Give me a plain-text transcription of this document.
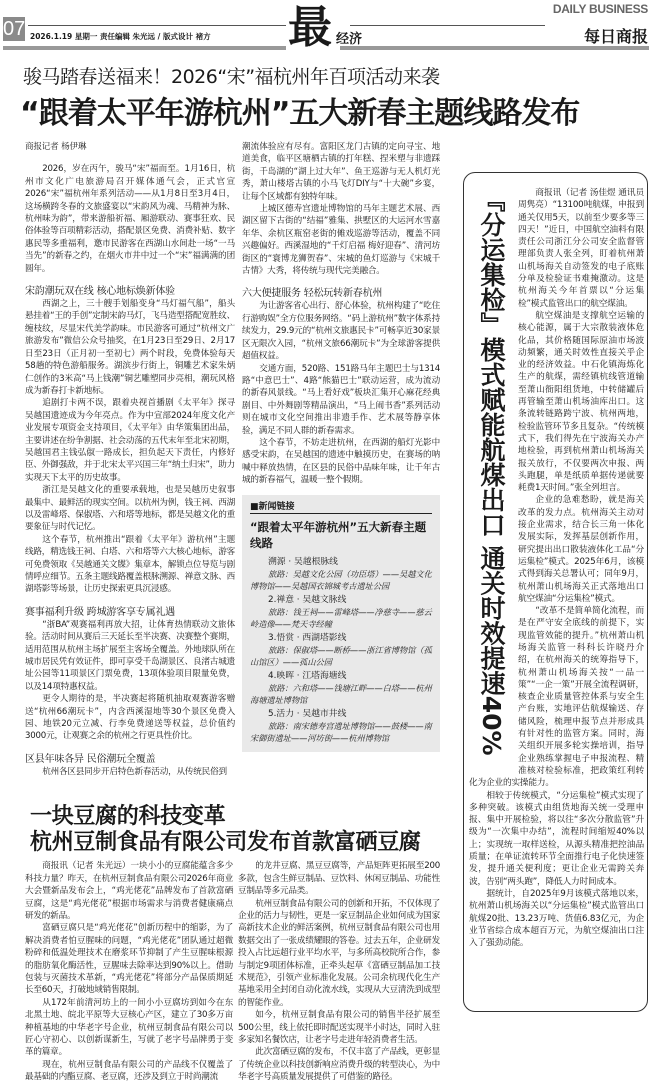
07 2026.1.19 星期一 责任编辑 朱光远 / 版式设计 褚方 最 经济
DAILY BUSINESS
每日商报
骏马踏春送福来！2026“宋”福杭州年百项活动来袭
“跟着太平年游杭州”五大新春主题线路发布

商报记者 杨伊琳

2026，岁在丙午，骏马“宋”福而至。1月16日，杭州市文化广电旅游局召开媒体通气会，正式官宣2026“宋”福杭州年系列活动——从1月8日至3月4日，这场横跨冬春的文旅盛宴以“宋韵风为魂、马精神为脉、杭州味为韵”，带来游船祈福、厢游联动、赛事狂欢、民俗体验等百项精彩活动，搭配景区免费、消费补贴、数字惠民等多重福利，邀市民游客在西湖山水间赴一场“一马当先”的新春之约，在烟火市井中过一个“宋”福满满的团圆年。

宋韵潮玩双在线 核心地标焕新体验

西湖之上，三十艘手划船变身“马灯福气船”，船头悬挂着“王的手创”定制宋韵马灯，飞马造型搭配宽胜纹、缠枝纹，尽显宋代美学韵味。市民游客可通过“杭州文广旅游发布”微信公众号抽奖，在1月23日至29日、2月17日至23日（正月初一至初七）两个时段，免费体验每天58趟的特色游船服务。湖滨步行街上，铜雕艺术家朱炳仁创作的3米高“马上钱潮”铜艺雕塑同步亮相，潮玩风格成为新春打卡新地标。

追剧打卡两不误，跟着央视首播剧《太平年》探寻吴越国遗迹成为今年亮点。作为中宣部2024年度文化产业发展专项资金支持项目，《太平年》由华策集团出品，主要讲述在纷争割据、社会动荡的五代末年至北宋初期，吴越国君主钱弘俶一路成长，担负起天下责任，内修好臣、外御强敌，并于北宋太平兴国三年“纳土归宋”，助力实现天下太平的历史故事。

浙江是吴越文化的重要承载地，也是吴越历史叙事最集中、最鲜活的现实空间。以杭州为例，钱王祠、西湖以及雷峰塔、保俶塔、六和塔等地标，都是吴越文化的重要象征与时代记忆。

这个春节，杭州推出“跟着《太平年》游杭州”主题线路，精选钱王祠、白塔、六和塔等六大核心地标，游客可免费领取《吴越通关文牒》集章本，解锁点位导览与剧情呼应细节。五条主题线路覆盖根脉溯源、禅意文脉、西湖塔影等场景，让历史探索更具沉浸感。

赛事福利升级 跨城游客享专属礼遇

“浙BA”观赛福利再放大招，让体育热情联动文旅体验。活动时间从赛后三天延长至半决赛、决赛整个赛期，适用范围从杭州主场扩展至主客场全覆盖。外地球队所在城市居民凭有效证件，即可享受千岛湖景区、良渚古城遗址公园等11项景区门票免费，13项体验项目限量免费，以及14项特惠权益。

更令人期待的是，半决赛起将随机抽取观赛游客赠送“杭州66潮玩卡”，内含西溪湿地等30个景区免费入园、地铁20元立减、行李免费递送等权益，总价值约3000元，让观赛之余的杭州之行更具性价比。

区县年味各异 民俗潮玩全覆盖

杭州各区县同步开启特色新春活动，从传统民俗到

潮流体验应有尽有。富阳区龙门古镇的定向寻宝、地道美食，临平区塘栖古镇的打年糕、捏米塑与非遗踩街，千岛湖的“湖上过大年”、鱼王巡游与无人机灯光秀，萧山楼塔古镇的小马飞灯DIY与“十大碗”乡宴，让每个区域都有独特年味。

上城区德寿宫遗址博物馆的马年主题艺术展、西湖区留下古街的“结福”雅集、拱墅区的大运河水雪嘉年华、余杭区瓶窑老街的傩戏巡游等活动，覆盖不同兴趣偏好。西溪湿地的“千灯启福 梅好迎春”、清河坊街区的“寰博龙狮贺春”、宋城的鱼灯巡游与《宋城千古情》大秀，将传统与现代完美融合。

六大便捷服务 轻松玩转新春杭州

为让游客省心出行、舒心体验，杭州构建了“吃住行游购娱”全方位服务网络。“码上游杭州”数字体系持续发力，29.9元的“杭州文旅惠民卡”可畅享近30家景区无限次入园，“杭州文旅66潮玩卡”为全球游客提供超值权益。

交通方面，520路、151路马年主题巴士与1314路“中意巴士”、4路“熊猫巴士”联动运营，成为流动的新春风景线。“马上看好戏”板块汇集开心麻花经典剧目、中外舞剧等精品演出，“马上闹书香”系列活动则在城市文化空间推出非遗手作、艺术展等静享体验，满足不同人群的新春需求。

这个春节，不妨走进杭州，在西湖的船灯光影中感受宋韵，在吴越国的遗迹中触摸历史，在赛场的呐喊中释放热情，在区县的民俗中品味年味，让千年古城的新春福气，温暖一整个假期。

■新闻链接
“跟着太平年游杭州”五大新春主题线路
溯源 · 吴越根脉线
旅路：吴越文化公园（功臣塔）——吴越文化博物馆——吴越国衣锦城考古遗址公园
2.禅意 · 吴越文脉线
旅路：钱王祠——雷峰塔——净慈寺——慈云岭造像——梵天寺经幢
3.悟赏 · 西湖塔影线
旅路：保俶塔——断桥——浙江省博物馆（孤山馆区）——孤山公园
4.映晖 · 江塔海塘线
旅路：六和塔——钱塘江畔——白塔——杭州海塘遗址博物馆
5.活力 · 吴越市井线
旅路：南宋德寿宫遗址博物馆——鼓楼——南宋御街遗址——河坊街——杭州博物馆
一块豆腐的科技变革
杭州豆制食品有限公司发布首款富硒豆腐

商报讯（记者 朱光远）一块小小的豆腐能蕴含多少科技力量？昨天，在杭州豆制食品有限公司2026年商业大会暨新品发布会上，“鸡光佬花”品牌发布了首款富硒豆腐，这是“鸡光佬花”根据市场需求与消费者健康痛点研发的新品。

富硒豆腐只是“鸡光佬花”创新历程中的缩影，为了解决消费者怕豆腥味的问题，“鸡光佬花”团队通过超微粉碎和低温处理技术在磨浆环节抑制了产生豆腥味根源的脂肪氧化酶活性，豆腥味去除率达到90%以上。借助包装与灭菌技术革新，“鸡光佬花”将部分产品保质期延长至60天，打破地域销售限制。

从172年前清河坊上的一间小小豆腐坊到如今在东北黑土地、皖北平原等大豆核心产区，建立了30多万亩种植基地的中华老字号企业，杭州豆制食品有限公司以匠心守初心、以创新谋新生，写就了老字号品牌勇于变革的篇章。

现在，杭州豆制食品有限公司的产品线不仅覆盖了最基础的内酯豆腐、老豆腐，还涉及到立于时尚潮流

的龙井豆腐、黑豆豆腐等，产品矩阵更拓展至200多款，包含生鲜豆制品、豆饮料、休闲豆制品、功能性豆制品等多元品类。

杭州豆制食品有限公司的创新和开拓，不仅体现了企业的活力与韧性，更是一家豆制品企业如何成为国家高新技术企业的鲜活案例，杭州豆制食品有限公司也用数据交出了一张成绩耀眼的答卷。过去五年，企业研发投入占比远超行业平均水平，与多所高校院所合作，参与制定9项团体标准，正牵头起草《富硒豆制品加工技术规范》，引领产业标准化发展。公司余杭现代化生产基地采用全封闭自动化流水线，实现从大豆清洗到成型的智能作业。

如今，杭州豆制食品有限公司的销售半径扩展至500公里，线上依托即时配送实现半小时达，同时入驻多家知名餐饮店，让老字号走进年轻消费者生活。

此次富硒豆腐的发布，不仅丰富了产品线，更彰显了传统企业以科技创新响应消费升级的转型决心，为中华老字号高质量发展提供了可借鉴的路径。

『分运集检』模式赋能航煤出口 通关时效提速40%	商报讯（记者 汤佳煜 通讯员 周隽亮）“13100吨航煤，申报到通关仅用5天，以前至少要多等三四天！”近日，中国航空油料有限责任公司浙江分公司安全监督管理部负责人张全列，盯着杭州萧山机场海关自动签发的电子底账分单及检验证书难掩激动。这是杭州海关今年首票以“分运集检”模式监管出口的航空煤油。

航空煤油是支撑航空运输的核心能源，属于大宗散装液体危化品，其价格随国际原油市场波动频繁，通关时效性直接关乎企业的经济效益。中石化镇海炼化生产的航煤，需经镇杭线管道输至萧山衙阳组货地，中转储罐后再管输至萧山机场油库出口。这条流转链路跨宁波、杭州两地，检验监管环节多且复杂。“传统模式下，我们得先在宁波海关办产地检验，再到杭州萧山机场海关报关放行，不仅要两次申报、两头跑腿，单是纸质单据传递就要耗费1天时间。”张全列坦言。

企业的急难愁盼，就是海关改革的发力点。杭州海关主动对接企业需求，结合长三角一体化发展实际，发挥基层创新作用，研究提出出口散装液体化工品“分运集检”模式。2025年6月，该模式得到海关总署认可；同年9月，杭州萧山机场海关正式落地出口航空煤油“分运集检”模式。

“改革不是简单简化流程，而是在严守安全底线的前提下，实现监管效能的提升。”杭州萧山机场海关监管一科科长许晓丹介绍，在杭州海关的统筹指导下，杭州萧山机场海关按“一品一策”“一企一策”开展全流程调研，核查企业质量管控体系与安全生产台账，实地评估航煤输送、存储风险，梳理申报节点并形成具有针对性的监管方案。同时，海关组织开展多轮实操培训，指导企业熟练掌握电子申报流程、精准核对检验标准，把政策红利转化为企业的实操能力。

相较于传统模式，“分运集检”模式实现了多种突破。该模式由组货地海关统一受理申报、集中开展检验，将以往“多次分散监管”升级为“一次集中办结”，流程时间缩短40%以上；实现统一取样送检，从源头精准把控油品质量；在单证流转环节全面推行电子化快速签发，提升通关便利度；更让企业无需跨关奔波，告别“两头跑”，降低人力时间成本。

据统计，自2025年9月该模式落地以来，杭州萧山机场海关以“分运集检”模式监管出口航煤20批、13.23万吨、货值6.83亿元，为企业节省综合成本超百万元，为航空煤油出口注入了强劲动能。
